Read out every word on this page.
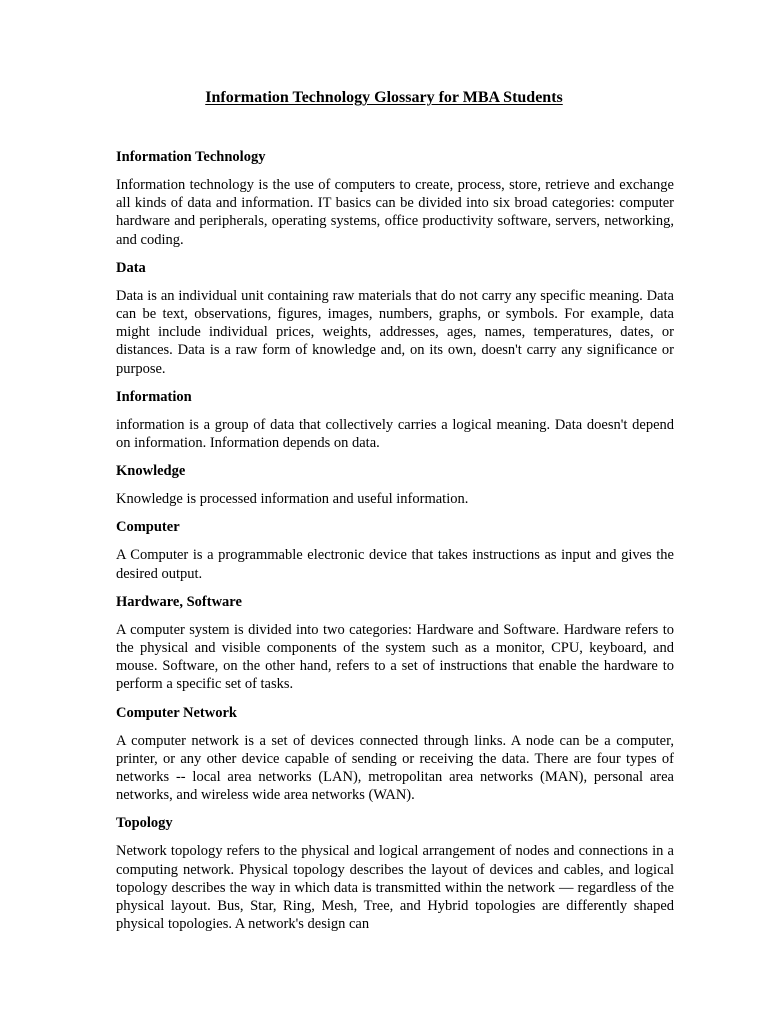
Information Technology Glossary for MBA Students

Information Technology

Information technology is the use of computers to create, process, store, retrieve and exchange all kinds of data and information. IT basics can be divided into six broad categories: computer hardware and peripherals, operating systems, office productivity software, servers, networking, and coding.

Data

Data is an individual unit containing raw materials that do not carry any specific meaning. Data can be text, observations, figures, images, numbers, graphs, or symbols. For example, data might include individual prices, weights, addresses, ages, names, temperatures, dates, or distances. Data is a raw form of knowledge and, on its own, doesn't carry any significance or purpose.

Information

information is a group of data that collectively carries a logical meaning. Data doesn't depend on information. Information depends on data.

Knowledge

Knowledge is processed information and useful information.

Computer

A Computer is a programmable electronic device that takes instructions as input and gives the desired output.

Hardware, Software

A computer system is divided into two categories: Hardware and Software. Hardware refers to the physical and visible components of the system such as a monitor, CPU, keyboard, and mouse. Software, on the other hand, refers to a set of instructions that enable the hardware to perform a specific set of tasks.

Computer Network

A computer network is a set of devices connected through links. A node can be a computer, printer, or any other device capable of sending or receiving the data. There are four types of networks -- local area networks (LAN), metropolitan area networks (MAN), personal area networks, and wireless wide area networks (WAN).

Topology

Network topology refers to the physical and logical arrangement of nodes and connections in a computing network. Physical topology describes the layout of devices and cables, and logical topology describes the way in which data is transmitted within the network — regardless of the physical layout. Bus, Star, Ring, Mesh, Tree, and Hybrid topologies are differently shaped physical topologies. A network's design can
